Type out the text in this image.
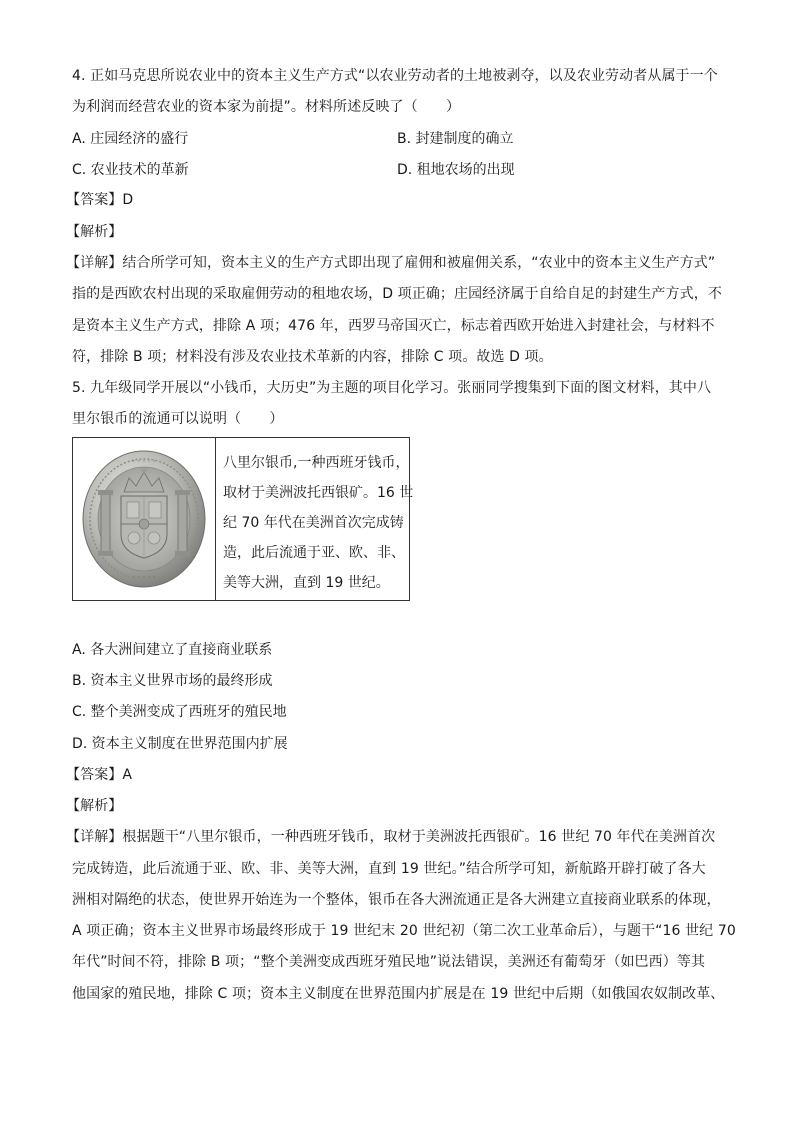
4. 正如马克思所说农业中的资本主义生产方式“以农业劳动者的土地被剥夺，以及农业劳动者从属于一个
为利润而经营农业的资本家为前提”。材料所述反映了（　　）
A. 庄园经济的盛行	B. 封建制度的确立
C. 农业技术的革新	D. 租地农场的出现
【答案】D
【解析】
【详解】结合所学可知，资本主义的生产方式即出现了雇佣和被雇佣关系，“农业中的资本主义生产方式”
指的是西欧农村出现的采取雇佣劳动的租地农场，D 项正确；庄园经济属于自给自足的封建生产方式，不
是资本主义生产方式，排除 A 项；476 年，西罗马帝国灭亡，标志着西欧开始进入封建社会，与材料不
符，排除 B 项；材料没有涉及农业技术革新的内容，排除 C 项。故选 D 项。
5. 九年级同学开展以“小钱币，大历史”为主题的项目化学习。张丽同学搜集到下面的图文材料，其中八
里尔银币的流通可以说明（　　）
· · · · ·
· · · · ·
八里尔银币,一种西班牙钱币，
取材于美洲波托西银矿。16 世
纪 70 年代在美洲首次完成铸
造，此后流通于亚、欧、非、
美等大洲，直到 19 世纪。
A. 各大洲间建立了直接商业联系
B. 资本主义世界市场的最终形成
C. 整个美洲变成了西班牙的殖民地
D. 资本主义制度在世界范围内扩展
【答案】A
【解析】
【详解】根据题干“八里尔银币，一种西班牙钱币，取材于美洲波托西银矿。16 世纪 70 年代在美洲首次
完成铸造，此后流通于亚、欧、非、美等大洲，直到 19 世纪。”结合所学可知，新航路开辟打破了各大
洲相对隔绝的状态，使世界开始连为一个整体，银币在各大洲流通正是各大洲建立直接商业联系的体现，
A 项正确；资本主义世界市场最终形成于 19 世纪末 20 世纪初（第二次工业革命后），与题干“16 世纪 70
年代”时间不符，排除 B 项；“整个美洲变成西班牙殖民地”说法错误，美洲还有葡萄牙（如巴西）等其
他国家的殖民地，排除 C 项；资本主义制度在世界范围内扩展是在 19 世纪中后期（如俄国农奴制改革、
